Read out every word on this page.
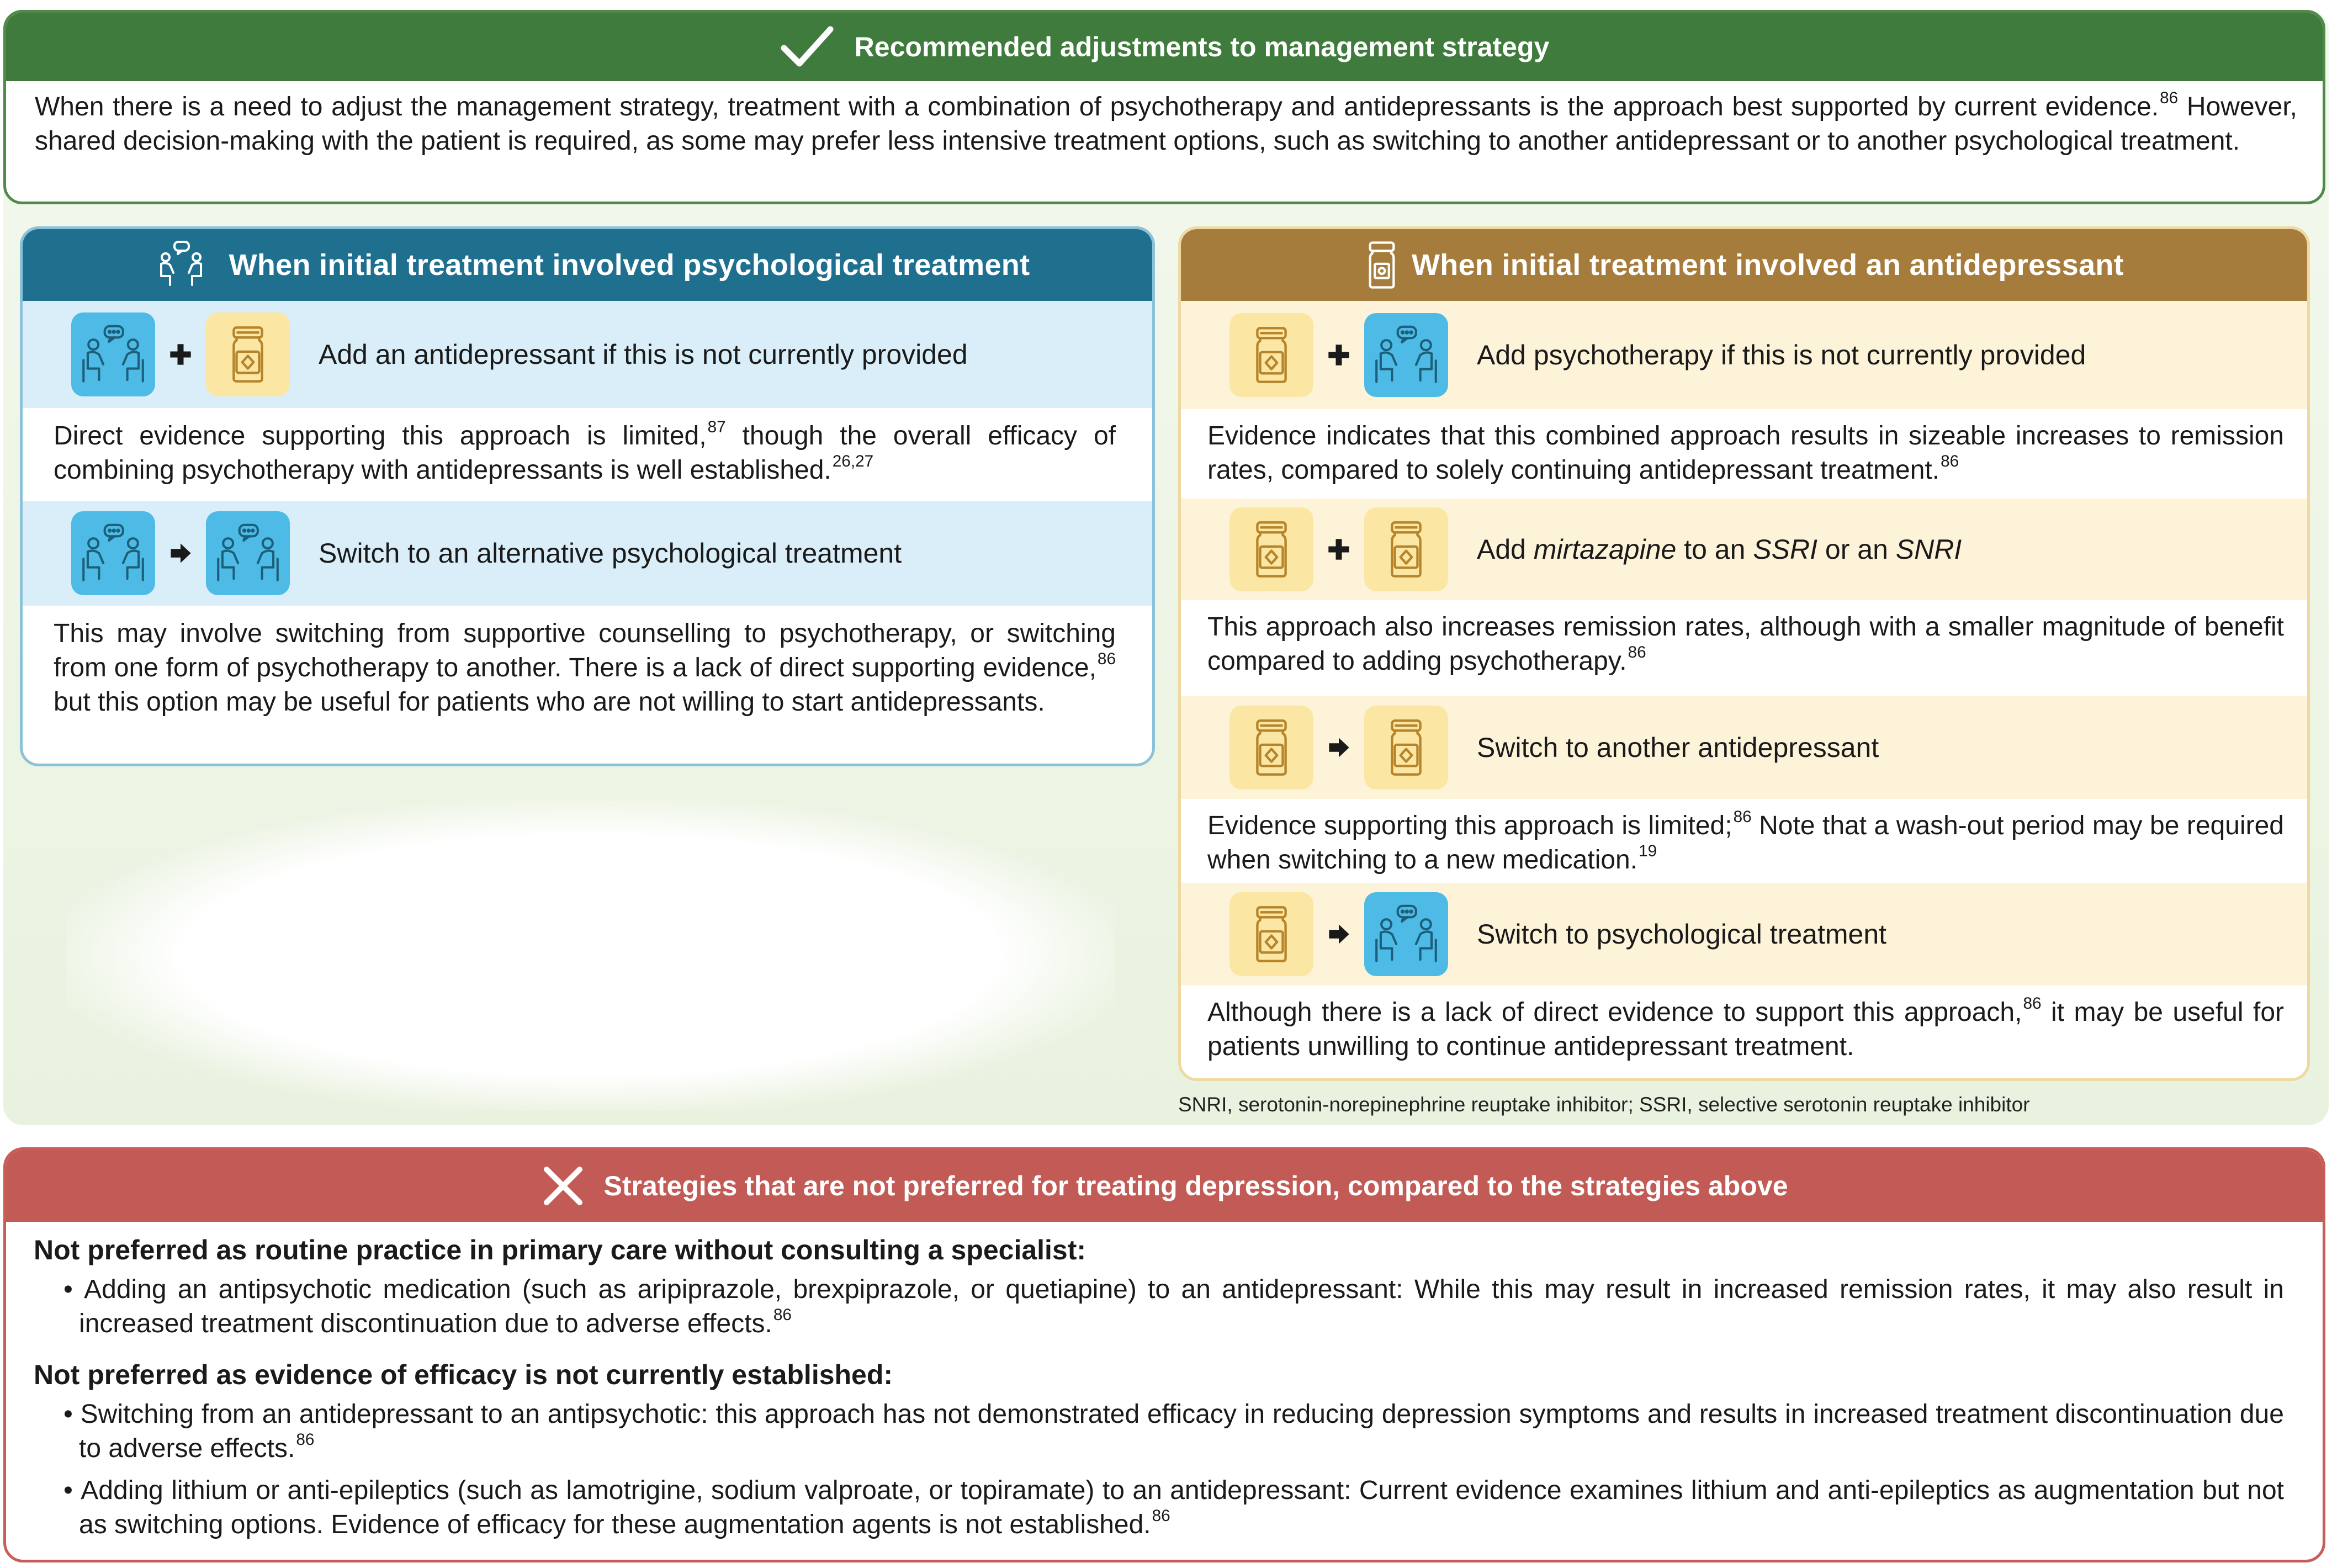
Recommended adjustments to management strategy
When there is a need to adjust the management strategy, treatment with a combination of psychotherapy and antidepressants is the approach best supported by current evidence.$^{86}$ However, shared decision-making with the patient is required, as some may prefer less intensive treatment options, such as switching to another antidepressant or to another psychological treatment.
When initial treatment involved psychological treatment
Add an antidepressant if this is not currently provided
Direct evidence supporting this approach is limited,$^{87}$ though the overall efficacy of combining psychotherapy with antidepressants is well established.$^{26,27}$
Switch to an alternative psychological treatment
This may involve switching from supportive counselling to psychotherapy, or switching from one form of psychotherapy to another. There is a lack of direct supporting evidence,$^{86}$ but this option may be useful for patients who are not willing to start antidepressants.
When initial treatment involved an antidepressant
Add psychotherapy if this is not currently provided
Evidence indicates that this combined approach results in sizeable increases to remission rates, compared to solely continuing antidepressant treatment.$^{86}$
Add mirtazapine to an SSRI or an SNRI
This approach also increases remission rates, although with a smaller magnitude of benefit compared to adding psychotherapy.$^{86}$
Switch to another antidepressant
Evidence supporting this approach is limited;$^{86}$ Note that a wash-out period may be required when switching to a new medication.$^{19}$
Switch to psychological treatment
Although there is a lack of direct evidence to support this approach,$^{86}$ it may be useful for patients unwilling to continue antidepressant treatment.
SNRI, serotonin-norepinephrine reuptake inhibitor; SSRI, selective serotonin reuptake inhibitor
Strategies that are not preferred for treating depression, compared to the strategies above
Not preferred as routine practice in primary care without consulting a specialist:
• Adding an antipsychotic medication (such as aripiprazole, brexpiprazole, or quetiapine) to an antidepressant: While this may result in increased remission rates, it may also result in increased treatment discontinuation due to adverse effects.$^{86}$
Not preferred as evidence of efficacy is not currently established:
• Switching from an antidepressant to an antipsychotic: this approach has not demonstrated efficacy in reducing depression symptoms and results in increased treatment discontinuation due to adverse effects.$^{86}$
• Adding lithium or anti-epileptics (such as lamotrigine, sodium valproate, or topiramate) to an antidepressant: Current evidence examines lithium and anti-epileptics as augmentation but not as switching options. Evidence of efficacy for these augmentation agents is not established.$^{86}$
